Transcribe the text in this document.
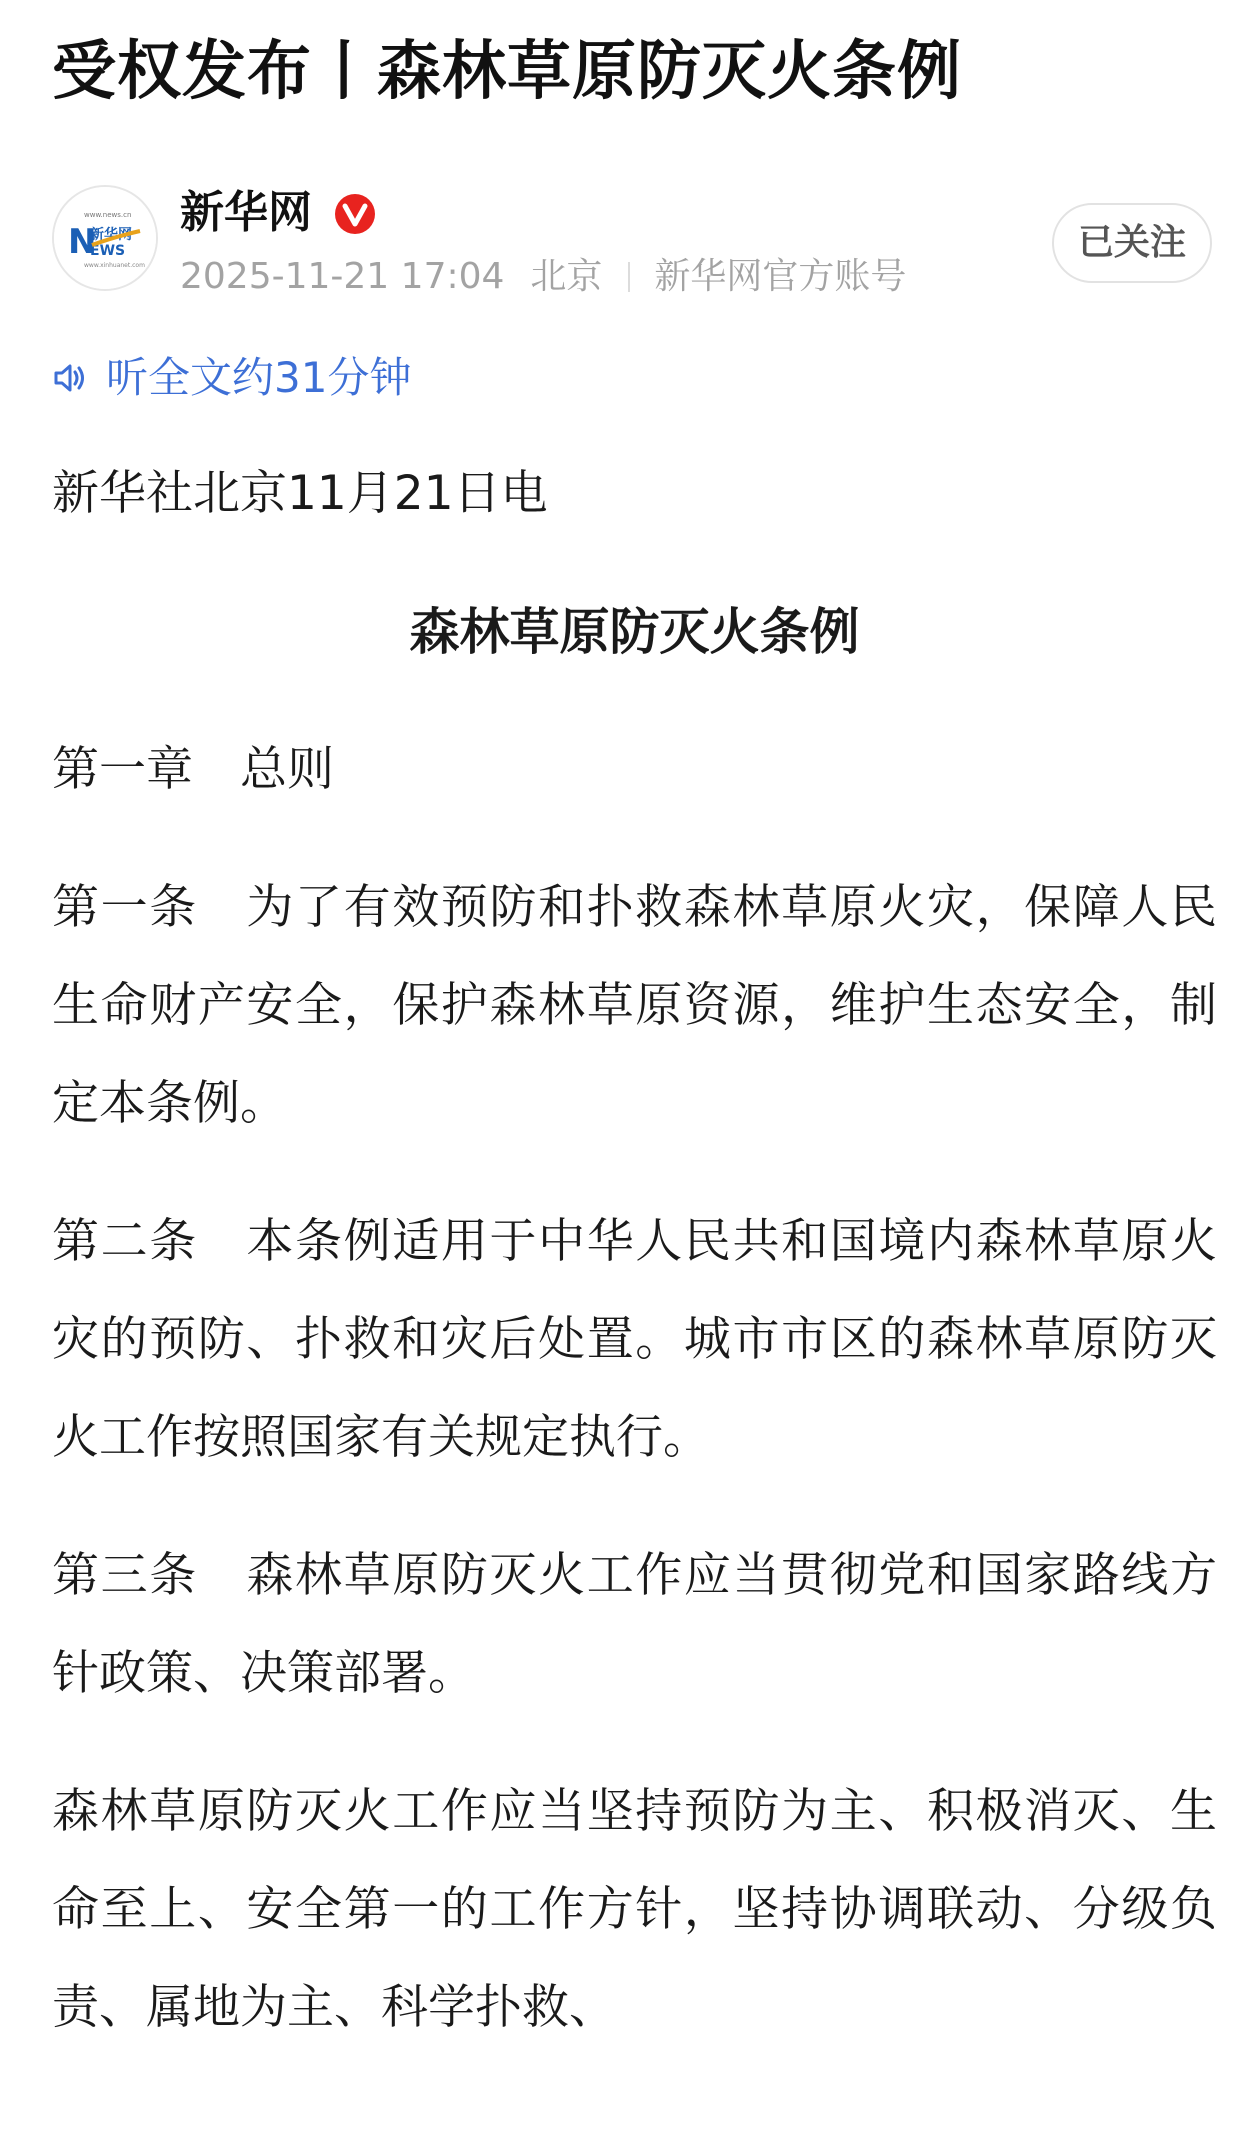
受权发布丨森林草原防灭火条例
www.news.cn
N
新华网
EWS
www.xinhuanet.com
新华网
2025-11-21 17:04 北京 新华网官方账号
已关注
听全文约31分钟

新华社北京11月21日电

森林草原防灭火条例

第一章　总则

第一条　为了有效预防和扑救森林草原火灾，保障人民生命财产安全，保护森林草原资源，维护生态安全，制定本条例。

第二条　本条例适用于中华人民共和国境内森林草原火灾的预防、扑救和灾后处置。城市市区的森林草原防灭火工作按照国家有关规定执行。

第三条　森林草原防灭火工作应当贯彻党和国家路线方针政策、决策部署。

森林草原防灭火工作应当坚持预防为主、积极消灭、生命至上、安全第一的工作方针，坚持协调联动、分级负责、属地为主、科学扑救、
